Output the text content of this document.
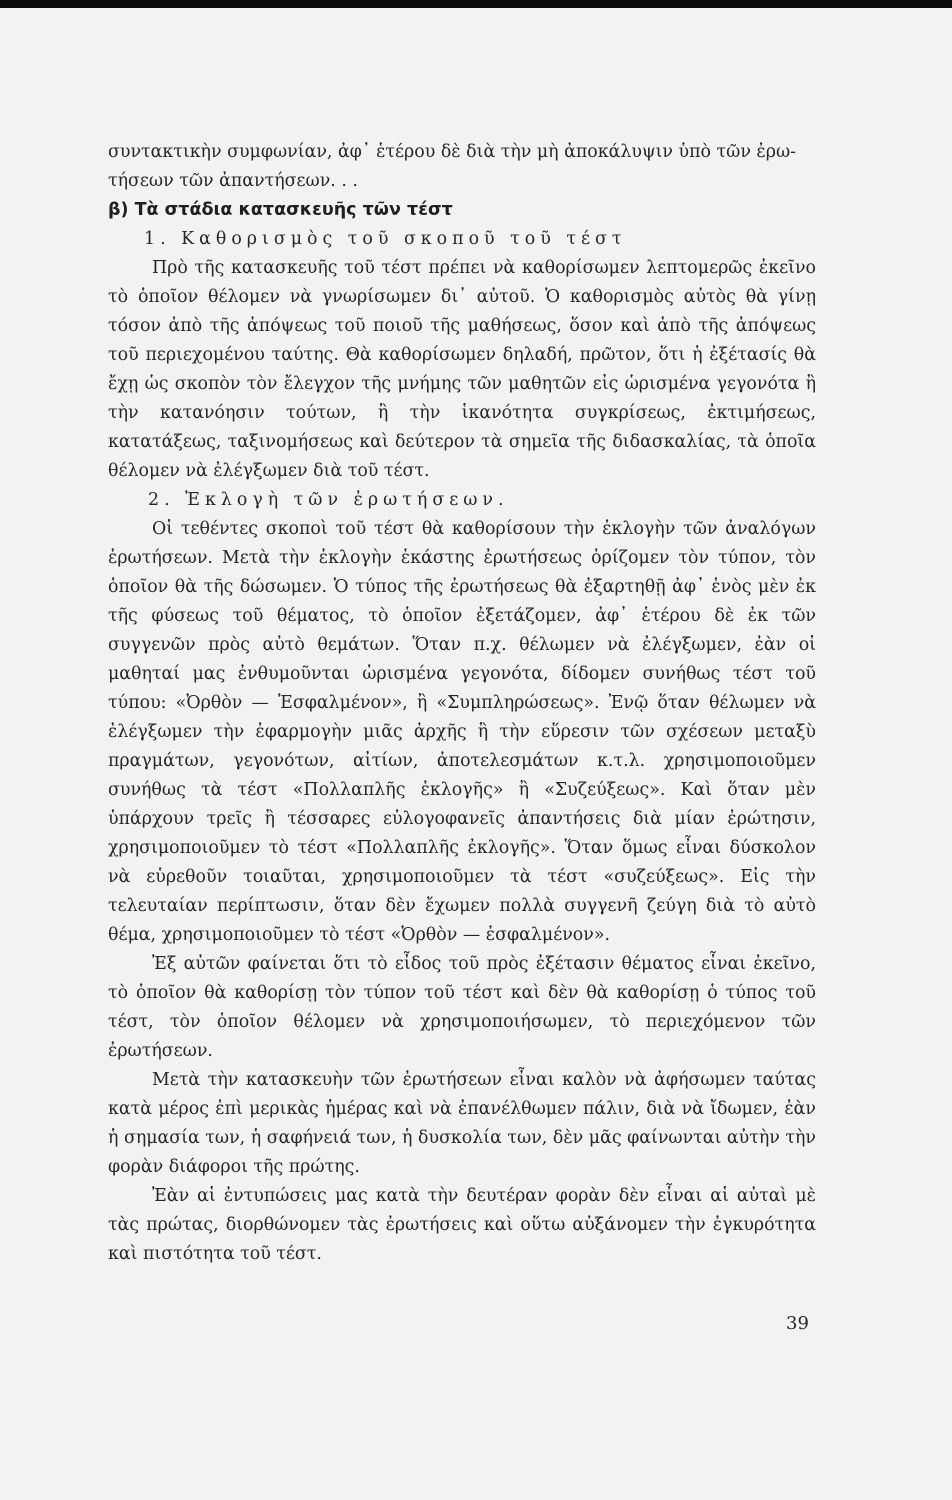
συντακτικὴν συμφωνίαν, ἀφ᾽ ἑτέρου δὲ διὰ τὴν μὴ ἀποκάλυψιν ὑπὸ τῶν ἐρω-

τήσεων τῶν ἀπαντήσεων. . .

β) Τὰ στάδια κατασκευῆς τῶν τέστ

1. Καθορισμὸς τοῦ σκοποῦ τοῦ τέστ

Πρὸ τῆς κατασκευῆς τοῦ τέστ πρέπει νὰ καθορίσωμεν λεπτομερῶς ἐκεῖνο τὸ ὁποῖον θέλομεν νὰ γνωρίσωμεν δι᾽ αὐτοῦ. Ὁ καθορισμὸς αὐτὸς θὰ γίνῃ τόσον ἀπὸ τῆς ἀπόψεως τοῦ ποιοῦ τῆς μαθήσεως, ὅσον καὶ ἀπὸ τῆς ἀπόψεως τοῦ περιεχομένου ταύτης. Θὰ καθορίσωμεν δηλαδή, πρῶτον, ὅτι ἡ ἐξέτασίς θὰ ἔχῃ ὡς σκοπὸν τὸν ἔλεγχον τῆς μνήμης τῶν μαθητῶν εἰς ὡρισμένα γεγονότα ἢ τὴν κατανόησιν τούτων, ἢ τὴν ἱκανότητα συγκρίσεως, ἐκτιμήσεως, κατατάξεως, ταξινομήσεως καὶ δεύτερον τὰ σημεῖα τῆς διδασκαλίας, τὰ ὁποῖα θέλομεν νὰ ἐλέγξωμεν διὰ τοῦ τέστ.

2. Ἐκλογὴ τῶν ἐρωτήσεων.

Οἱ τεθέντες σκοποὶ τοῦ τέστ θὰ καθορίσουν τὴν ἐκλογὴν τῶν ἀναλόγων ἐρωτήσεων. Μετὰ τὴν ἐκλογὴν ἑκάστης ἐρωτήσεως ὁρίζομεν τὸν τύπον, τὸν ὁποῖον θὰ τῆς δώσωμεν. Ὁ τύπος τῆς ἐρωτήσεως θὰ ἐξαρτηθῇ ἀφ᾽ ἑνὸς μὲν ἐκ τῆς φύσεως τοῦ θέματος, τὸ ὁποῖον ἐξετάζομεν, ἀφ᾽ ἑτέρου δὲ ἐκ τῶν συγγενῶν πρὸς αὐτὸ θεμάτων. Ὅταν π.χ. θέλωμεν νὰ ἐλέγξωμεν, ἐὰν οἱ μαθηταί μας ἐνθυμοῦνται ὡρισμένα γεγονότα, δίδομεν συνήθως τέστ τοῦ τύπου: «Ὀρθὸν — Ἐσφαλμένον», ἢ «Συμπληρώσεως». Ἐνῷ ὅταν θέλωμεν νὰ ἐλέγξωμεν τὴν ἐφαρμογὴν μιᾶς ἀρχῆς ἢ τὴν εὕρεσιν τῶν σχέσεων μεταξὺ πραγμάτων, γεγονότων, αἰτίων, ἀποτελεσμάτων κ.τ.λ. χρησιμοποιοῦμεν συνήθως τὰ τέστ «Πολλαπλῆς ἐκλογῆς» ἢ «Συζεύξεως». Καὶ ὅταν μὲν ὑπάρχουν τρεῖς ἢ τέσσαρες εὐλογοφανεῖς ἀπαντήσεις διὰ μίαν ἐρώτησιν, χρησιμοποιοῦμεν τὸ τέστ «Πολλαπλῆς ἐκλογῆς». Ὅταν ὅμως εἶναι δύσκολον νὰ εὑρεθοῦν τοιαῦται, χρησιμοποιοῦμεν τὰ τέστ «συζεύξεως». Εἰς τὴν τελευταίαν περίπτωσιν, ὅταν δὲν ἔχωμεν πολλὰ συγγενῆ ζεύγη διὰ τὸ αὐτὸ θέμα, χρησιμοποιοῦμεν τὸ τέστ «Ὀρθὸν — ἐσφαλμένον».

Ἐξ αὐτῶν φαίνεται ὅτι τὸ εἶδος τοῦ πρὸς ἐξέτασιν θέματος εἶναι ἐκεῖνο, τὸ ὁποῖον θὰ καθορίσῃ τὸν τύπον τοῦ τέστ καὶ δὲν θὰ καθορίσῃ ὁ τύπος τοῦ τέστ, τὸν ὁποῖον θέλομεν νὰ χρησιμοποιήσωμεν, τὸ περιεχόμενον τῶν ἐρωτήσεων.

Μετὰ τὴν κατασκευὴν τῶν ἐρωτήσεων εἶναι καλὸν νὰ ἀφήσωμεν ταύτας κατὰ μέρος ἐπὶ μερικὰς ἡμέρας καὶ νὰ ἐπανέλθωμεν πάλιν, διὰ νὰ ἴδωμεν, ἐὰν ἡ σημασία των, ἡ σαφήνειά των, ἡ δυσκολία των, δὲν μᾶς φαίνωνται αὐτὴν τὴν φορὰν διάφοροι τῆς πρώτης.

Ἐὰν αἱ ἐντυπώσεις μας κατὰ τὴν δευτέραν φορὰν δὲν εἶναι αἱ αὐταὶ μὲ τὰς πρώτας, διορθώνομεν τὰς ἐρωτήσεις καὶ οὕτω αὐξάνομεν τὴν ἐγκυρότητα καὶ πιστότητα τοῦ τέστ.

39
